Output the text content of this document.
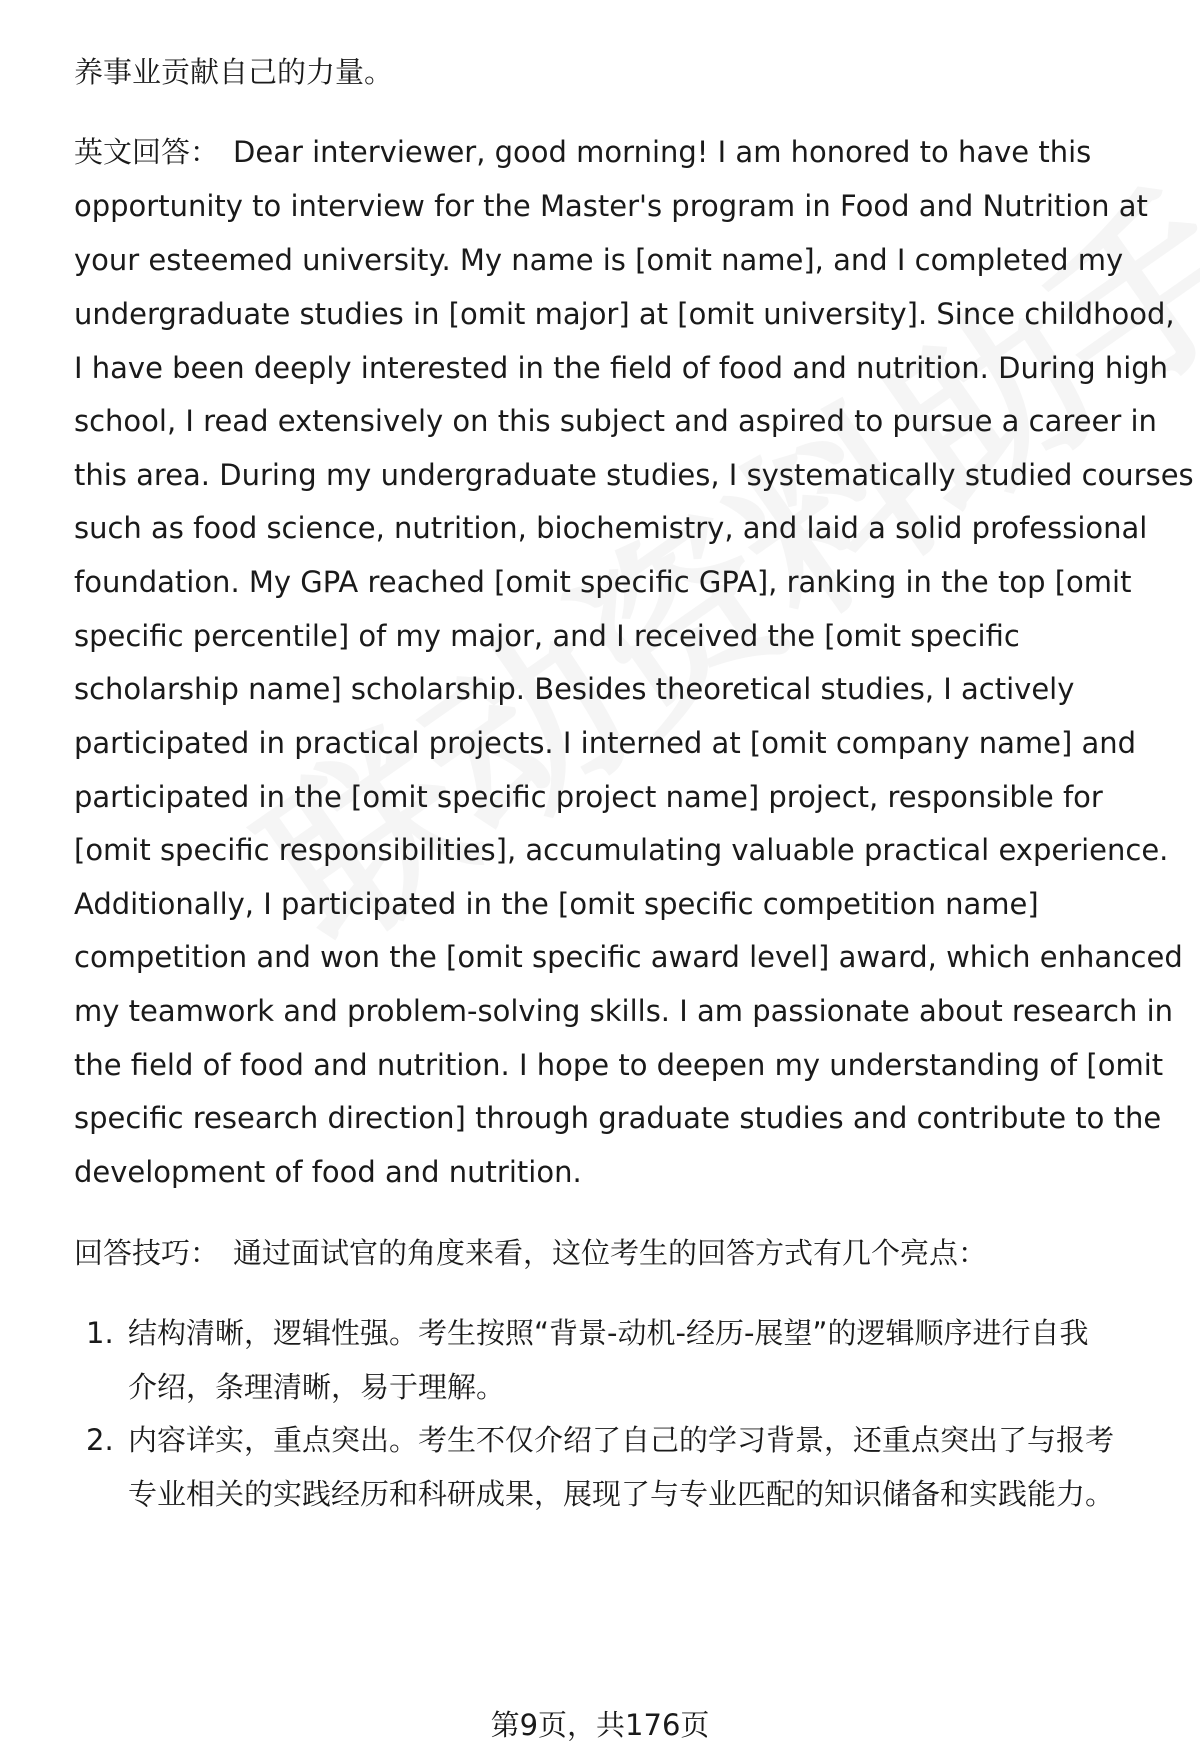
养事业贡献自己的力量。
英文回答： Dear interviewer, good morning! I am honored to have this
opportunity to interview for the Master's program in Food and Nutrition at
your esteemed university. My name is [omit name], and I completed my
undergraduate studies in [omit major] at [omit university]. Since childhood,
I have been deeply interested in the field of food and nutrition. During high
school, I read extensively on this subject and aspired to pursue a career in
this area. During my undergraduate studies, I systematically studied courses
such as food science, nutrition, biochemistry, and laid a solid professional
foundation. My GPA reached [omit specific GPA], ranking in the top [omit
specific percentile] of my major, and I received the [omit specific
scholarship name] scholarship. Besides theoretical studies, I actively
participated in practical projects. I interned at [omit company name] and
participated in the [omit specific project name] project, responsible for
[omit specific responsibilities], accumulating valuable practical experience.
Additionally, I participated in the [omit specific competition name]
competition and won the [omit specific award level] award, which enhanced
my teamwork and problem-solving skills. I am passionate about research in
the field of food and nutrition. I hope to deepen my understanding of [omit
specific research direction] through graduate studies and contribute to the
development of food and nutrition.
回答技巧： 通过面试官的角度来看，这位考生的回答方式有几个亮点：
1. 结构清晰，逻辑性强。考生按照“背景-动机-经历-展望”的逻辑顺序进行自我
介绍，条理清晰，易于理解。
2. 内容详实，重点突出。考生不仅介绍了自己的学习背景，还重点突出了与报考
专业相关的实践经历和科研成果，展现了与专业匹配的知识储备和实践能力。
第9页，共176页
